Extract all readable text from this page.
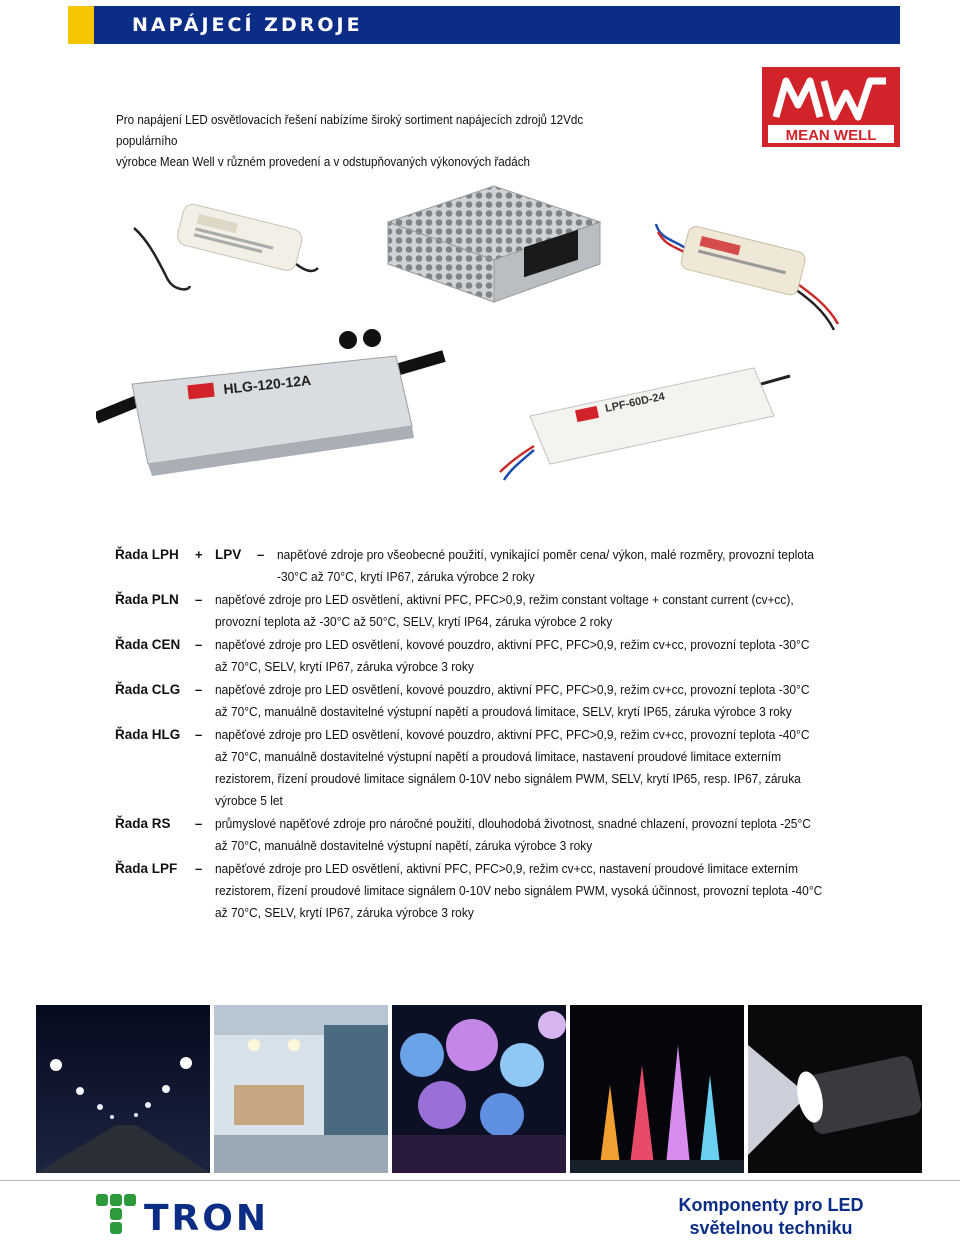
NAPÁJECÍ ZDROJE
Pro napájení LED osvětlovacích řešení nabízíme široký sortiment napájecích zdrojů 12Vdc populárního
výrobce Mean Well v různém provedení a v odstupňovaných výkonových řadách
MEAN WELL
HLG-120-12A
LPF-60D-24
Řada LPH	+ LPV	–	napěťové zdroje pro všeobecné použití, vynikající poměr cena/ výkon, malé rozměry, provozní teplota -30°C až 70°C, krytí IP67, záruka výrobce 2 roky
Řada PLN	–	napěťové zdroje pro LED osvětlení, aktivní PFC, PFC>0,9, režim constant voltage + constant current (cv+cc), provozní teplota až -30°C až 50°C, SELV, krytí IP64, záruka výrobce 2 roky
Řada CEN	–	napěťové zdroje pro LED osvětlení, kovové pouzdro, aktivní PFC, PFC>0,9, režim cv+cc, provozní teplota -30°C až 70°C, SELV, krytí IP67, záruka výrobce 3 roky
Řada CLG	–	napěťové zdroje pro LED osvětlení, kovové pouzdro, aktivní PFC, PFC>0,9, režim cv+cc, provozní teplota -30°C až 70°C, manuálně dostavitelné výstupní napětí a proudová limitace, SELV, krytí IP65, záruka výrobce 3 roky
Řada HLG	–	napěťové zdroje pro LED osvětlení, kovové pouzdro, aktivní PFC, PFC>0,9, režim cv+cc, provozní teplota -40°C až 70°C, manuálně dostavitelné výstupní napětí a proudová limitace, nastavení proudové limitace externím rezistorem, řízení proudové limitace signálem 0-10V nebo signálem PWM, SELV, krytí IP65, resp. IP67, záruka výrobce 5 let
Řada RS	–	průmyslové napěťové zdroje pro náročné použití, dlouhodobá životnost, snadné chlazení, provozní teplota -25°C až 70°C, manuálně dostavitelné výstupní napětí, záruka výrobce 3 roky
Řada LPF	–	napěťové zdroje pro LED osvětlení, aktivní PFC, PFC>0,9, režim cv+cc, nastavení proudové limitace externím rezistorem, řízení proudové limitace signálem 0-10V nebo signálem PWM, vysoká účinnost, provozní teplota -40°C až 70°C, SELV, krytí IP67, záruka výrobce 3 roky
TRON	Komponenty pro LED
světelnou techniku
